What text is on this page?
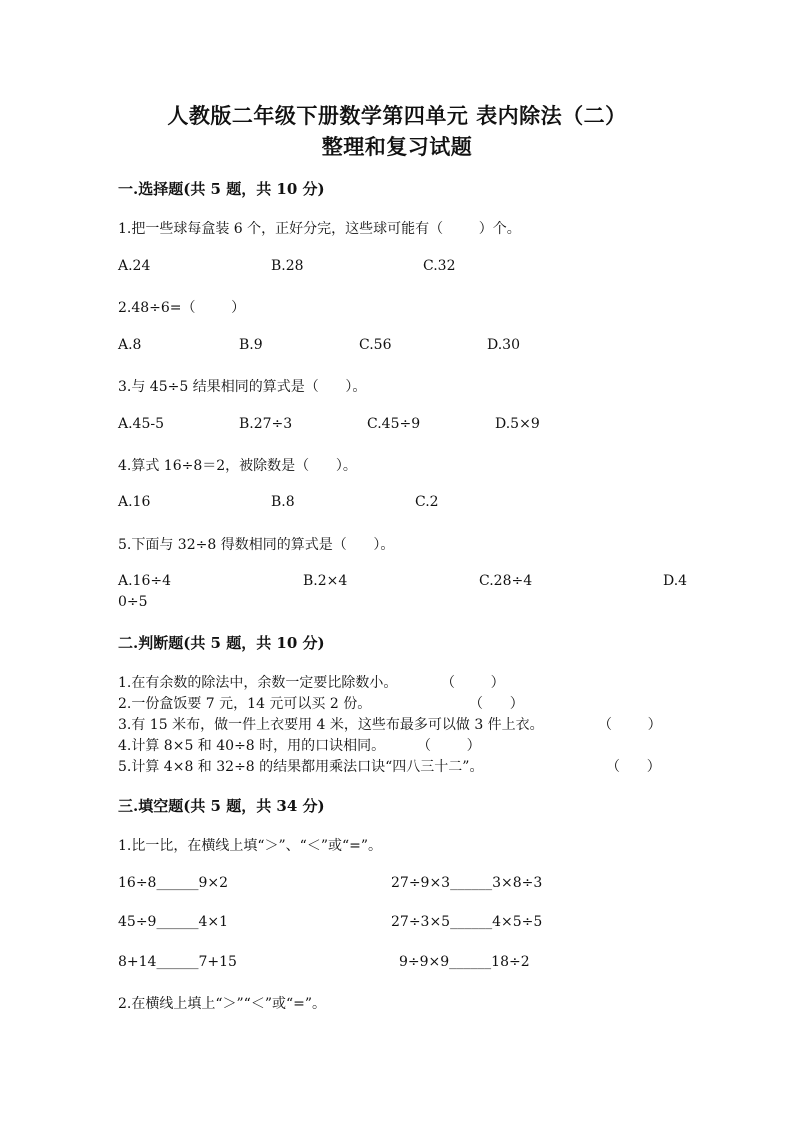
人教版二年级下册数学第四单元 表内除法（二）
整理和复习试题
一.选择题(共 5 题，共 10 分)
1.把一些球每盒装 6 个，正好分完，这些球可能有（        ）个。
A.24	B.28	C.32
2.48÷6=（        ）
A.8	B.9	C.56	D.30
3.与 45÷5 结果相同的算式是（      ）。
A.45-5	B.27÷3	C.45÷9	D.5×9
4.算式 16÷8＝2，被除数是（      ）。
A.16	B.8	C.2
5.下面与 32÷8 得数相同的算式是（      ）。
A.16÷4	B.2×4	C.28÷4	D.4
0÷5
二.判断题(共 5 题，共 10 分)
1.在有余数的除法中，余数一定要比除数小。	（        ）
2.一份盒饭要 7 元，14 元可以买 2 份。	（      ）
3.有 15 米布，做一件上衣要用 4 米，这些布最多可以做 3 件上衣。	（        ）
4.计算 8×5 和 40÷8 时，用的口诀相同。 （        ）
5.计算 4×8 和 32÷8 的结果都用乘法口诀“四八三十二”。	（      ）
三.填空题(共 5 题，共 34 分)
1.比一比，在横线上填“＞”、“＜”或“=”。
16÷8______9×2	27÷9×3______3×8÷3
45÷9______4×1	27÷3×5______4×5÷5
8+14______7+15	9÷9×9______18÷2
2.在横线上填上“＞”“＜”或“=”。
